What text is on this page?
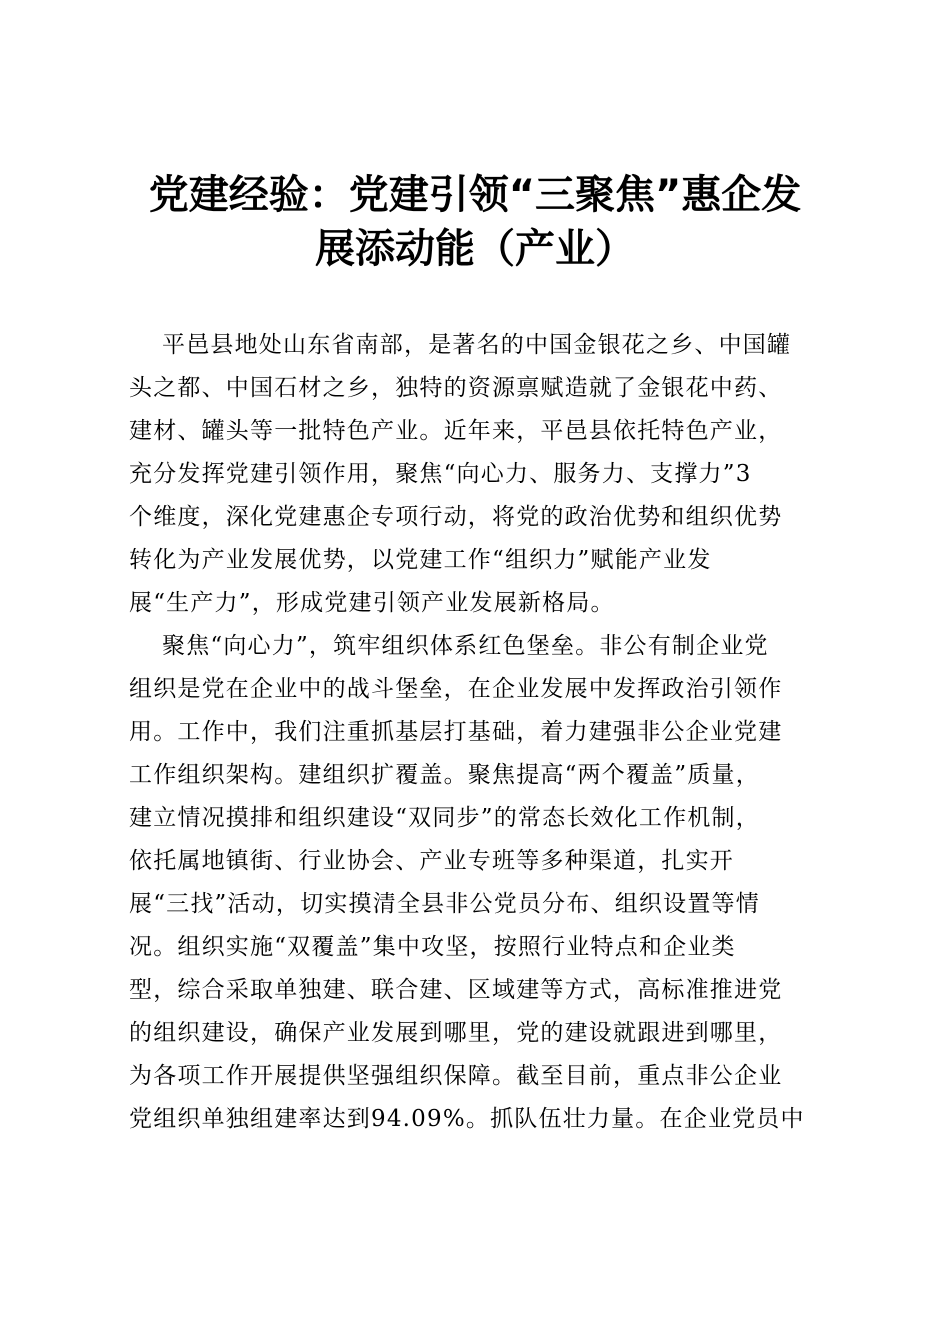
党建经验：党建引领“三聚焦”惠企发
展添动能（产业）
平邑县地处山东省南部，是著名的中国金银花之乡、中国罐
头之都、中国石材之乡，独特的资源禀赋造就了金银花中药、
建材、罐头等一批特色产业。近年来，平邑县依托特色产业，
充分发挥党建引领作用，聚焦“向心力、服务力、支撑力”3
个维度，深化党建惠企专项行动，将党的政治优势和组织优势
转化为产业发展优势，以党建工作“组织力”赋能产业发
展“生产力”，形成党建引领产业发展新格局。
聚焦“向心力”，筑牢组织体系红色堡垒。非公有制企业党
组织是党在企业中的战斗堡垒，在企业发展中发挥政治引领作
用。工作中，我们注重抓基层打基础，着力建强非公企业党建
工作组织架构。建组织扩覆盖。聚焦提高“两个覆盖”质量，
建立情况摸排和组织建设“双同步”的常态长效化工作机制，
依托属地镇街、行业协会、产业专班等多种渠道，扎实开
展“三找”活动，切实摸清全县非公党员分布、组织设置等情
况。组织实施“双覆盖”集中攻坚，按照行业特点和企业类
型，综合采取单独建、联合建、区域建等方式，高标准推进党
的组织建设，确保产业发展到哪里，党的建设就跟进到哪里，
为各项工作开展提供坚强组织保障。截至目前，重点非公企业
党组织单独组建率达到94.09%。抓队伍壮力量。在企业党员中
